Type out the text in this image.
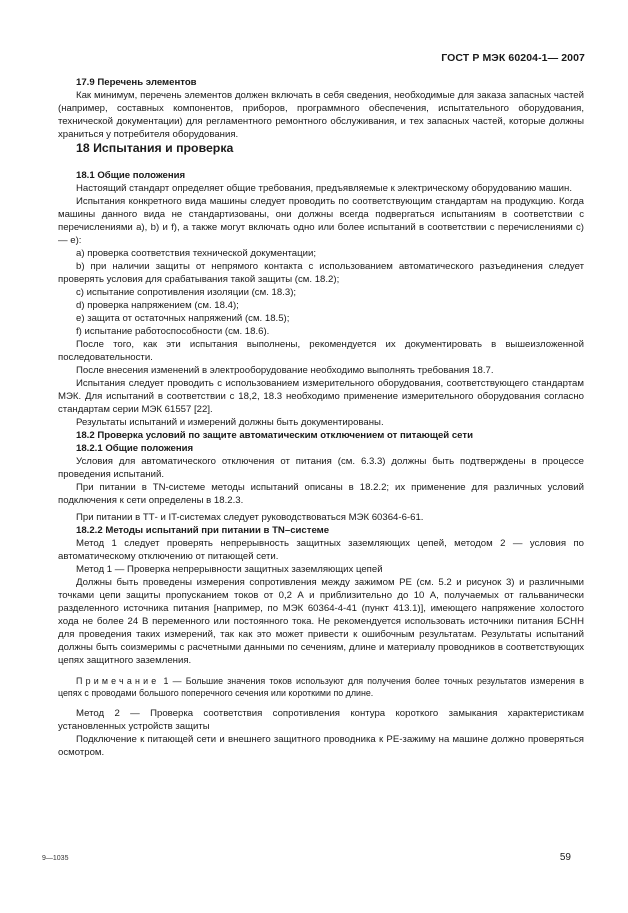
ГОСТ Р МЭК 60204-1— 2007

17.9 Перечень элементов

Как минимум, перечень элементов должен включать в себя сведения, необходимые для заказа запасных частей (например, составных компонентов, приборов, программного обеспечения, испытательного оборудования, технической документации) для регламентного ремонтного обслуживания, и тех запасных частей, которые должны храниться у потребителя оборудования.

18 Испытания и проверка

18.1 Общие положения

Настоящий стандарт определяет общие требования, предъявляемые к электрическому оборудованию машин.

Испытания конкретного вида машины следует проводить по соответствующим стандартам на продукцию. Когда машины данного вида не стандартизованы, они должны всегда подвергаться испытаниям в соответствии с перечислениями a), b) и f), а также могут включать одно или более испытаний в соответствии с перечислениями c) — e):

a) проверка соответствия технической документации;

b) при наличии защиты от непрямого контакта с использованием автоматического разъединения следует проверять условия для срабатывания такой защиты (см. 18.2);

c) испытание сопротивления изоляции (см. 18.3);

d) проверка напряжением (см. 18.4);

e) защита от остаточных напряжений (см. 18.5);

f) испытание работоспособности (см. 18.6).

После того, как эти испытания выполнены, рекомендуется их документировать в вышеизложенной последовательности.

После внесения изменений в электрооборудование необходимо выполнять требования 18.7.

Испытания следует проводить с использованием измерительного оборудования, соответствующего стандартам МЭК. Для испытаний в соответствии с 18,2, 18.3 необходимо применение измерительного оборудования согласно стандартам серии МЭК 61557 [22].

Результаты испытаний и измерений должны быть документированы.

18.2 Проверка условий по защите автоматическим отключением от питающей сети

18.2.1 Общие положения

Условия для автоматического отключения от питания (см. 6.3.3) должны быть подтверждены в процессе проведения испытаний.

При питании в TN-системе методы испытаний описаны в 18.2.2; их применение для различных условий подключения к сети определены в 18.2.3.

При питании в ТТ- и IT-системах следует руководствоваться МЭК 60364-6-61.

18.2.2 Методы испытаний при питании в TN–системе

Метод 1 следует проверять непрерывность защитных заземляющих цепей, методом 2 — условия по автоматическому отключению от питающей сети.

Метод 1 — Проверка непрерывности защитных заземляющих цепей

Должны быть проведены измерения сопротивления между зажимом РЕ (см. 5.2 и рисунок 3) и различными точками цепи защиты пропусканием токов от 0,2 А и приблизительно до 10 А, получаемых от гальванически разделенного источника питания [например, по МЭК 60364-4-41 (пункт 413.1)], имеющего напряжение холостого хода не более 24 В переменного или постоянного тока. Не рекомендуется использовать источники питания БСНН для проведения таких измерений, так как это может привести к ошибочным результатам. Результаты испытаний должны быть соизмеримы с расчетными данными по сечениям, длине и материалу проводников в соответствующих цепях защитного заземления.

Примечание 1 — Большие значения токов используют для получения более точных результатов измерения в цепях с проводами большого поперечного сечения или короткими по длине.

Метод 2 — Проверка соответствия сопротивления контура короткого замыкания характеристикам установленных устройств защиты

Подключение к питающей сети и внешнего защитного проводника к РЕ-зажиму на машине должно проверяться осмотром.

9—1035	59
